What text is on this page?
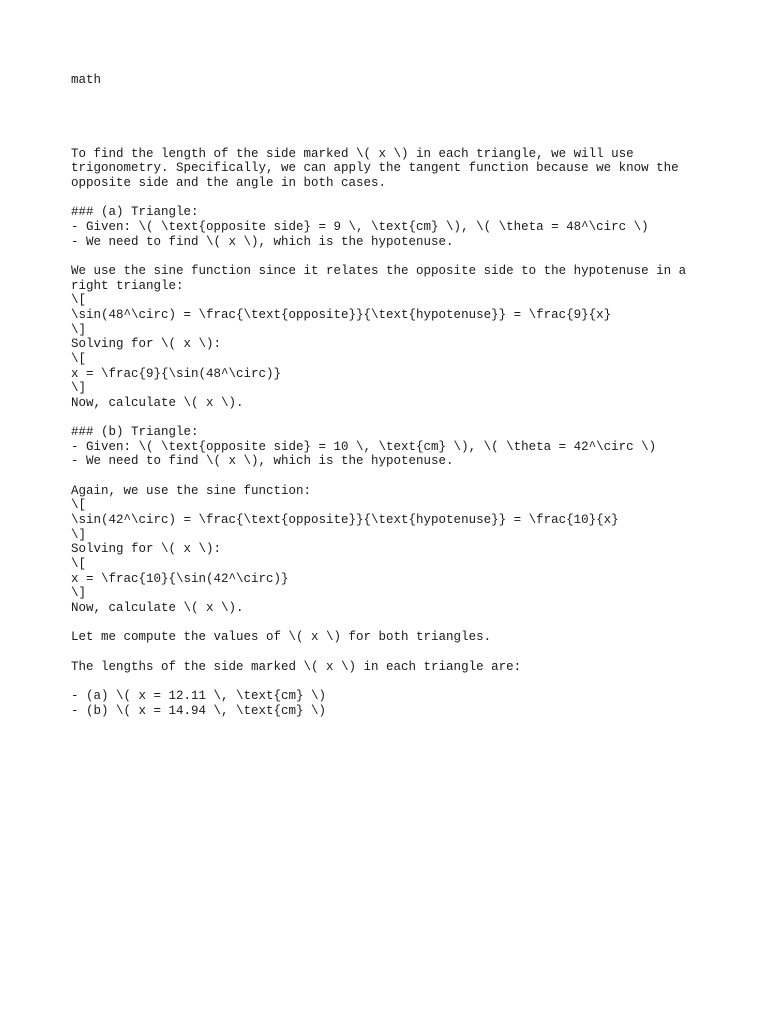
math
To find the length of the side marked \( x \) in each triangle, we will use
trigonometry. Specifically, we can apply the tangent function because we know the
opposite side and the angle in both cases.

### (a) Triangle:
- Given: \( \text{opposite side} = 9 \, \text{cm} \), \( \theta = 48^\circ \)
- We need to find \( x \), which is the hypotenuse.

We use the sine function since it relates the opposite side to the hypotenuse in a
right triangle:
\[
\sin(48^\circ) = \frac{\text{opposite}}{\text{hypotenuse}} = \frac{9}{x}
\]
Solving for \( x \):
\[
x = \frac{9}{\sin(48^\circ)}
\]
Now, calculate \( x \).

### (b) Triangle:
- Given: \( \text{opposite side} = 10 \, \text{cm} \), \( \theta = 42^\circ \)
- We need to find \( x \), which is the hypotenuse.

Again, we use the sine function:
\[
\sin(42^\circ) = \frac{\text{opposite}}{\text{hypotenuse}} = \frac{10}{x}
\]
Solving for \( x \):
\[
x = \frac{10}{\sin(42^\circ)}
\]
Now, calculate \( x \).

Let me compute the values of \( x \) for both triangles.

The lengths of the side marked \( x \) in each triangle are:

- (a) \( x = 12.11 \, \text{cm} \)
- (b) \( x = 14.94 \, \text{cm} \)
